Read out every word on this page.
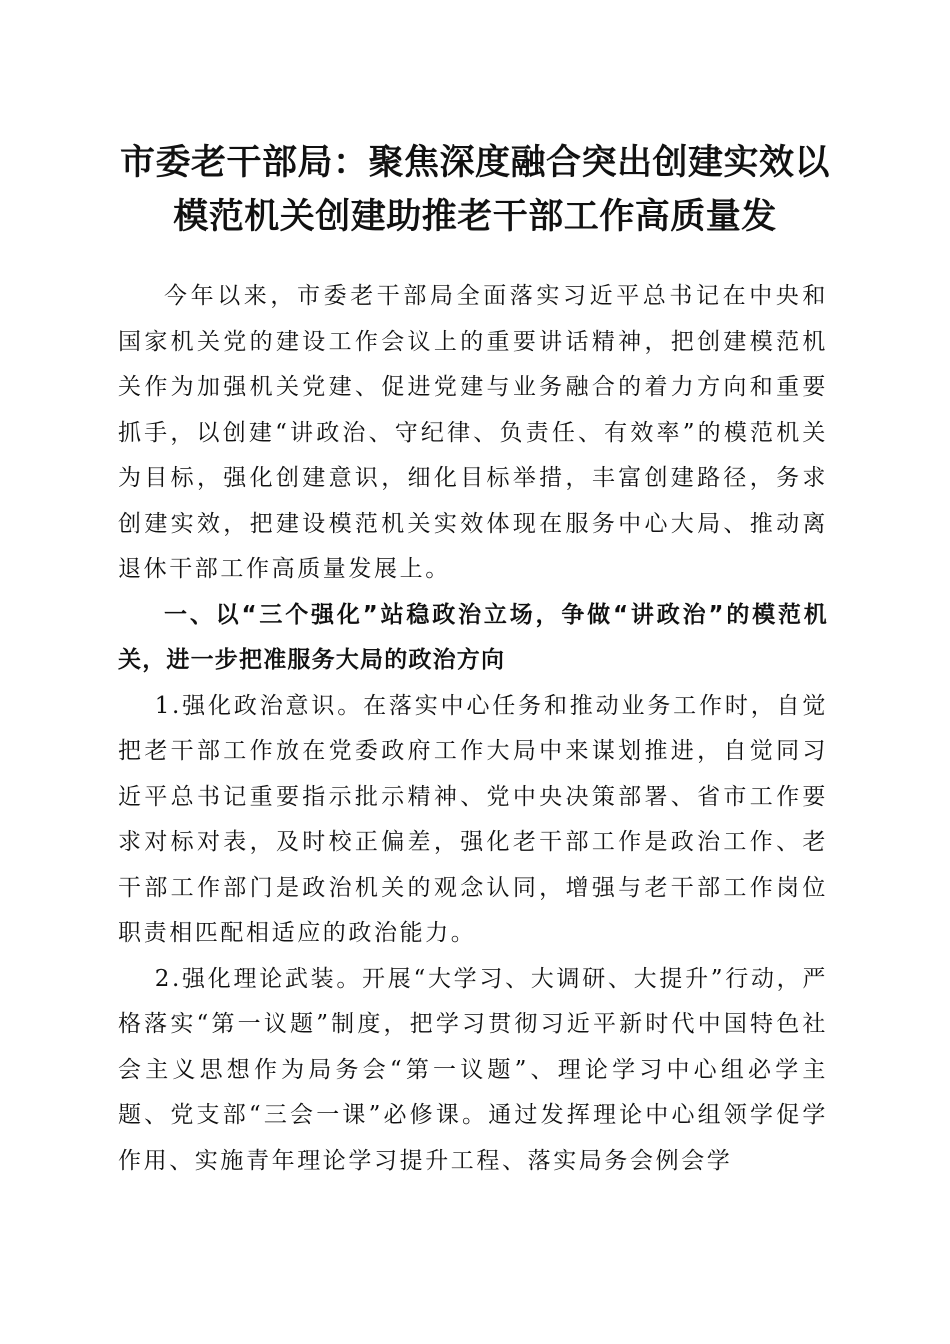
市委老干部局：聚焦深度融合突出创建实效以
模范机关创建助推老干部工作高质量发

今年以来，市委老干部局全面落实习近平总书记在中央和国家机关党的建设工作会议上的重要讲话精神，把创建模范机关作为加强机关党建、促进党建与业务融合的着力方向和重要抓手，以创建“讲政治、守纪律、负责任、有效率”的模范机关为目标，强化创建意识，细化目标举措，丰富创建路径，务求创建实效，把建设模范机关实效体现在服务中心大局、推动离退休干部工作高质量发展上。

一、以“三个强化”站稳政治立场，争做“讲政治”的模范机关，进一步把准服务大局的政治方向

1.强化政治意识。在落实中心任务和推动业务工作时，自觉把老干部工作放在党委政府工作大局中来谋划推进，自觉同习近平总书记重要指示批示精神、党中央决策部署、省市工作要求对标对表，及时校正偏差，强化老干部工作是政治工作、老干部工作部门是政治机关的观念认同，增强与老干部工作岗位职责相匹配相适应的政治能力。

2.强化理论武装。开展“大学习、大调研、大提升”行动，严格落实“第一议题”制度，把学习贯彻习近平新时代中国特色社会主义思想作为局务会“第一议题”、理论学习中心组必学主题、党支部“三会一课”必修课。通过发挥理论中心组领学促学作用、实施青年理论学习提升工程、落实局务会例会学
